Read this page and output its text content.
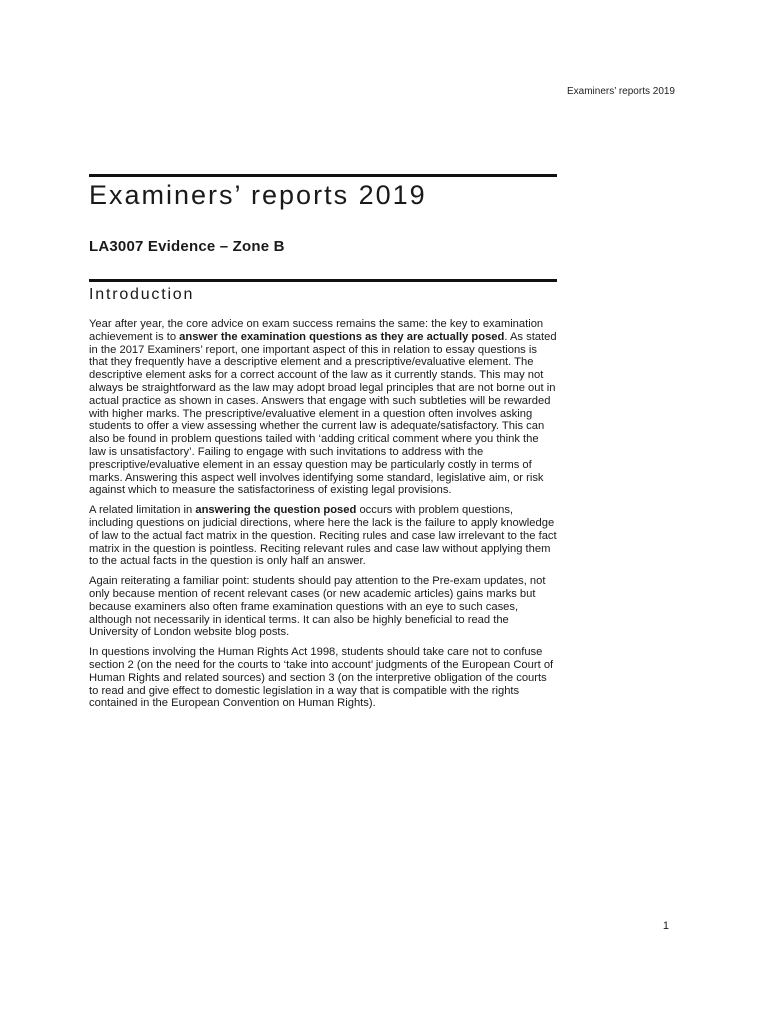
Examiners’ reports 2019
Examiners’ reports 2019
LA3007 Evidence – Zone B
Introduction

Year after year, the core advice on exam success remains the same: the key to examination achievement is to answer the examination questions as they are actually posed. As stated in the 2017 Examiners’ report, one important aspect of this in relation to essay questions is that they frequently have a descriptive element and a prescriptive/evaluative element. The descriptive element asks for a correct account of the law as it currently stands. This may not always be straightforward as the law may adopt broad legal principles that are not borne out in actual practice as shown in cases. Answers that engage with such subtleties will be rewarded with higher marks. The prescriptive/evaluative element in a question often involves asking students to offer a view assessing whether the current law is adequate/satisfactory. This can also be found in problem questions tailed with ‘adding critical comment where you think the law is unsatisfactory’. Failing to engage with such invitations to address with the prescriptive/evaluative element in an essay question may be particularly costly in terms of marks. Answering this aspect well involves identifying some standard, legislative aim, or risk against which to measure the satisfactoriness of existing legal provisions.

A related limitation in answering the question posed occurs with problem questions, including questions on judicial directions, where here the lack is the failure to apply knowledge of law to the actual fact matrix in the question. Reciting rules and case law irrelevant to the fact matrix in the question is pointless. Reciting relevant rules and case law without applying them to the actual facts in the question is only half an answer.

Again reiterating a familiar point: students should pay attention to the Pre-exam updates, not only because mention of recent relevant cases (or new academic articles) gains marks but because examiners also often frame examination questions with an eye to such cases, although not necessarily in identical terms. It can also be highly beneficial to read the University of London website blog posts.

In questions involving the Human Rights Act 1998, students should take care not to confuse section 2 (on the need for the courts to ‘take into account’ judgments of the European Court of Human Rights and related sources) and section 3 (on the interpretive obligation of the courts to read and give effect to domestic legislation in a way that is compatible with the rights contained in the European Convention on Human Rights).

1
